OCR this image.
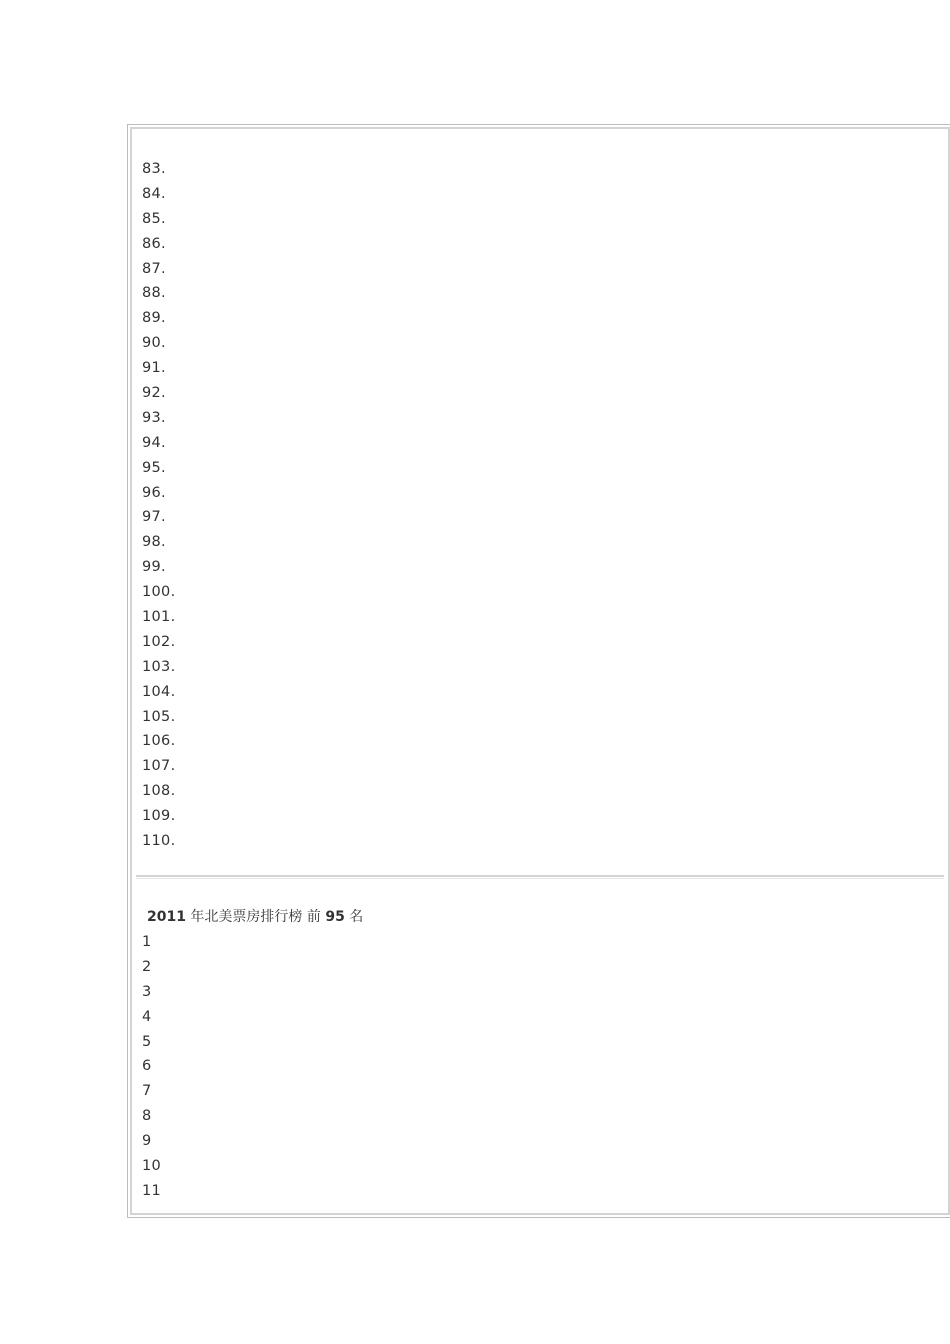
83.
84.
85.
86.
87.
88.
89.
90.
91.
92.
93.
94.
95.
96.
97.
98.
99.
100.
101.
102.
103.
104.
105.
106.
107.
108.
109.
110.
2011 年北美票房排行榜 前 95 名
1
2
3
4
5
6
7
8
9
10
11
